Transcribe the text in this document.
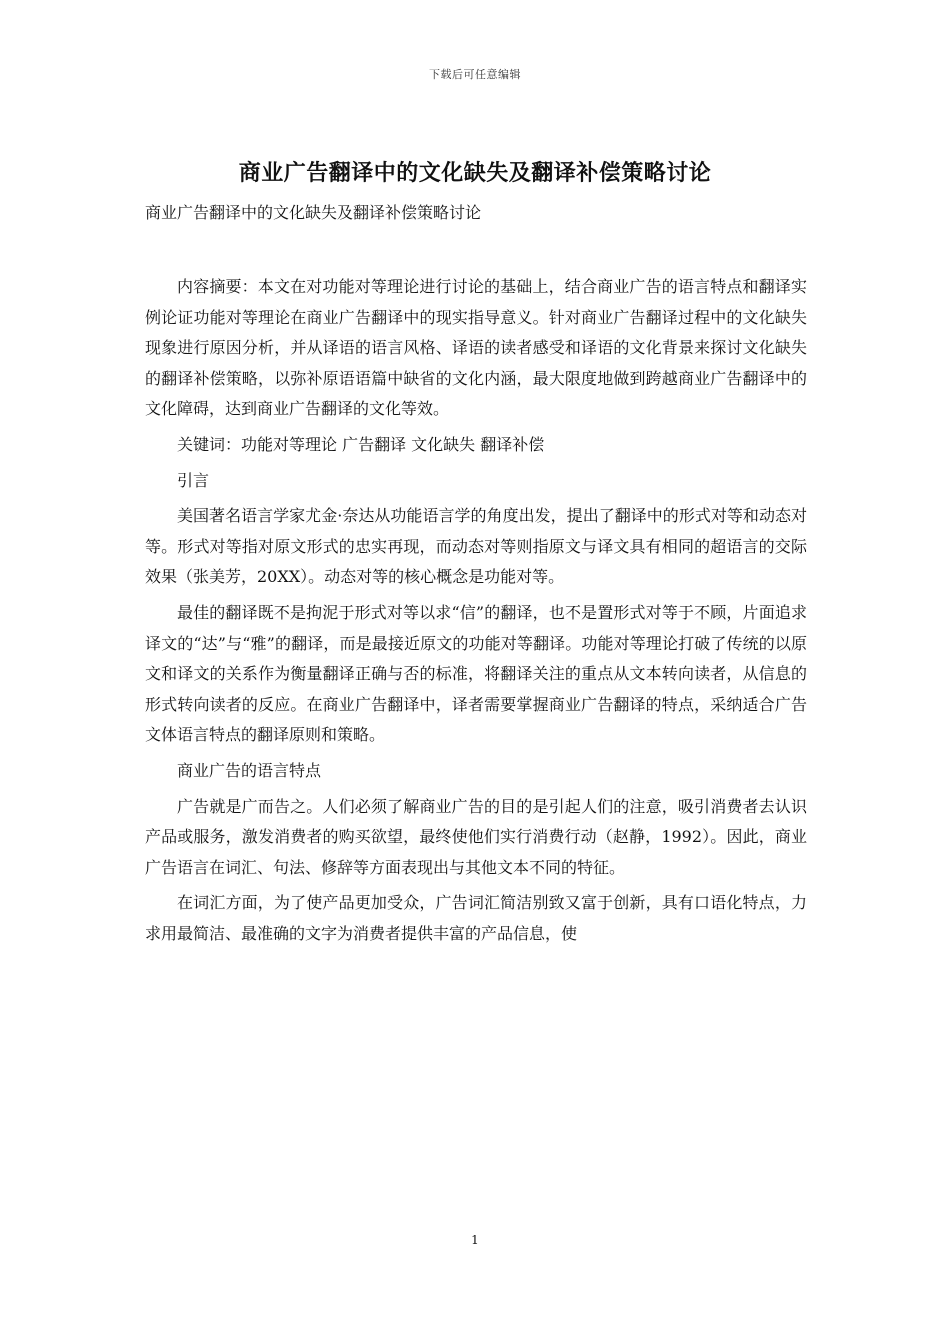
下载后可任意编辑
商业广告翻译中的文化缺失及翻译补偿策略讨论

商业广告翻译中的文化缺失及翻译补偿策略讨论

内容摘要：本文在对功能对等理论进行讨论的基础上，结合商业广告的语言特点和翻译实例论证功能对等理论在商业广告翻译中的现实指导意义。针对商业广告翻译过程中的文化缺失现象进行原因分析，并从译语的语言风格、译语的读者感受和译语的文化背景来探讨文化缺失的翻译补偿策略，以弥补原语语篇中缺省的文化内涵，最大限度地做到跨越商业广告翻译中的文化障碍，达到商业广告翻译的文化等效。

关键词：功能对等理论 广告翻译 文化缺失 翻译补偿

引言

美国著名语言学家尤金·奈达从功能语言学的角度出发，提出了翻译中的形式对等和动态对等。形式对等指对原文形式的忠实再现，而动态对等则指原文与译文具有相同的超语言的交际效果（张美芳，20XX）。动态对等的核心概念是功能对等。

最佳的翻译既不是拘泥于形式对等以求“信”的翻译，也不是置形式对等于不顾，片面追求译文的“达”与“雅”的翻译，而是最接近原文的功能对等翻译。功能对等理论打破了传统的以原文和译文的关系作为衡量翻译正确与否的标准，将翻译关注的重点从文本转向读者，从信息的形式转向读者的反应。在商业广告翻译中，译者需要掌握商业广告翻译的特点，采纳适合广告文体语言特点的翻译原则和策略。

商业广告的语言特点

广告就是广而告之。人们必须了解商业广告的目的是引起人们的注意，吸引消费者去认识产品或服务，激发消费者的购买欲望，最终使他们实行消费行动（赵静，1992）。因此，商业广告语言在词汇、句法、修辞等方面表现出与其他文本不同的特征。

在词汇方面，为了使产品更加受众，广告词汇简洁别致又富于创新，具有口语化特点，力求用最简洁、最准确的文字为消费者提供丰富的产品信息，使

1
